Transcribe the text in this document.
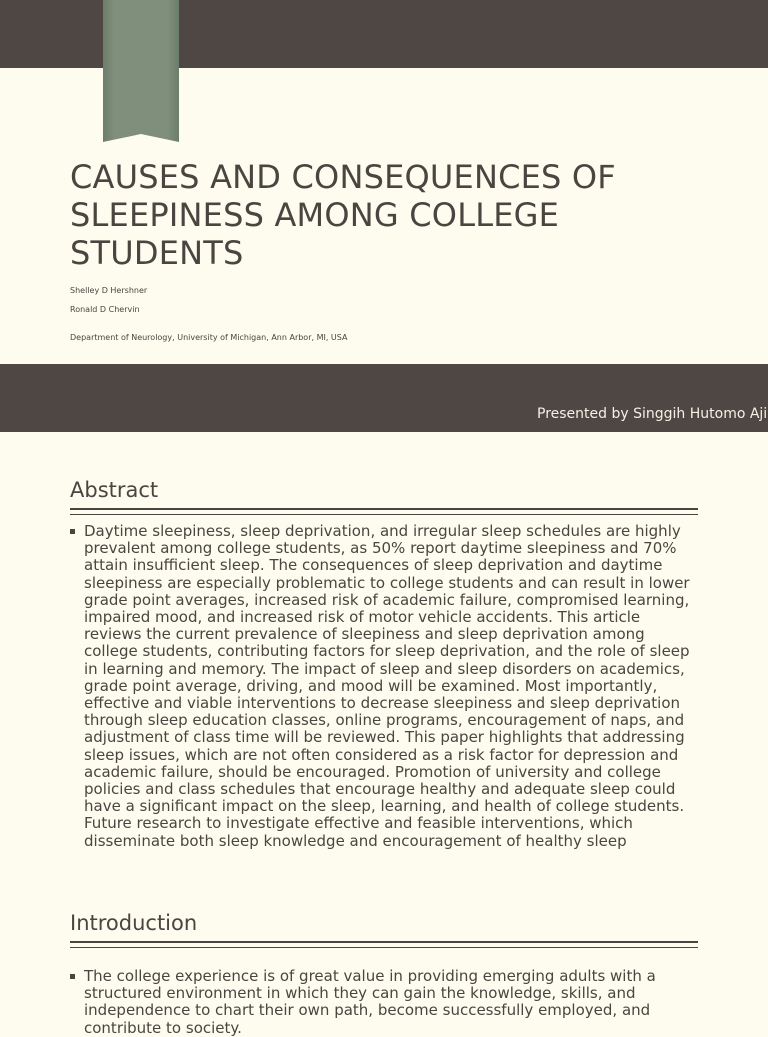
CAUSES AND CONSEQUENCES OF SLEEPINESS AMONG COLLEGE STUDENTS
Shelley D Hershner
Ronald D Chervin
Department of Neurology, University of Michigan, Ann Arbor, MI, USA
Presented by Singgih Hutomo Aji
Abstract

Daytime sleepiness, sleep deprivation, and irregular sleep schedules are highly prevalent among college students, as 50% report daytime sleepiness and 70% attain insufficient sleep. The consequences of sleep deprivation and daytime sleepiness are especially problematic to college students and can result in lower grade point averages, increased risk of academic failure, compromised learning, impaired mood, and increased risk of motor vehicle accidents. This article reviews the current prevalence of sleepiness and sleep deprivation among college students, contributing factors for sleep deprivation, and the role of sleep in learning and memory. The impact of sleep and sleep disorders on academics, grade point average, driving, and mood will be examined. Most importantly, effective and viable interventions to decrease sleepiness and sleep deprivation through sleep education classes, online programs, encouragement of naps, and adjustment of class time will be reviewed. This paper highlights that addressing sleep issues, which are not often considered as a risk factor for depression and academic failure, should be encouraged. Promotion of university and college policies and class schedules that encourage healthy and adequate sleep could have a significant impact on the sleep, learning, and health of college students. Future research to investigate effective and feasible interventions, which disseminate both sleep knowledge and encouragement of healthy sleep

Introduction

The college experience is of great value in providing emerging adults with a structured environment in which they can gain the knowledge, skills, and independence to chart their own path, become successfully employed, and contribute to society.
